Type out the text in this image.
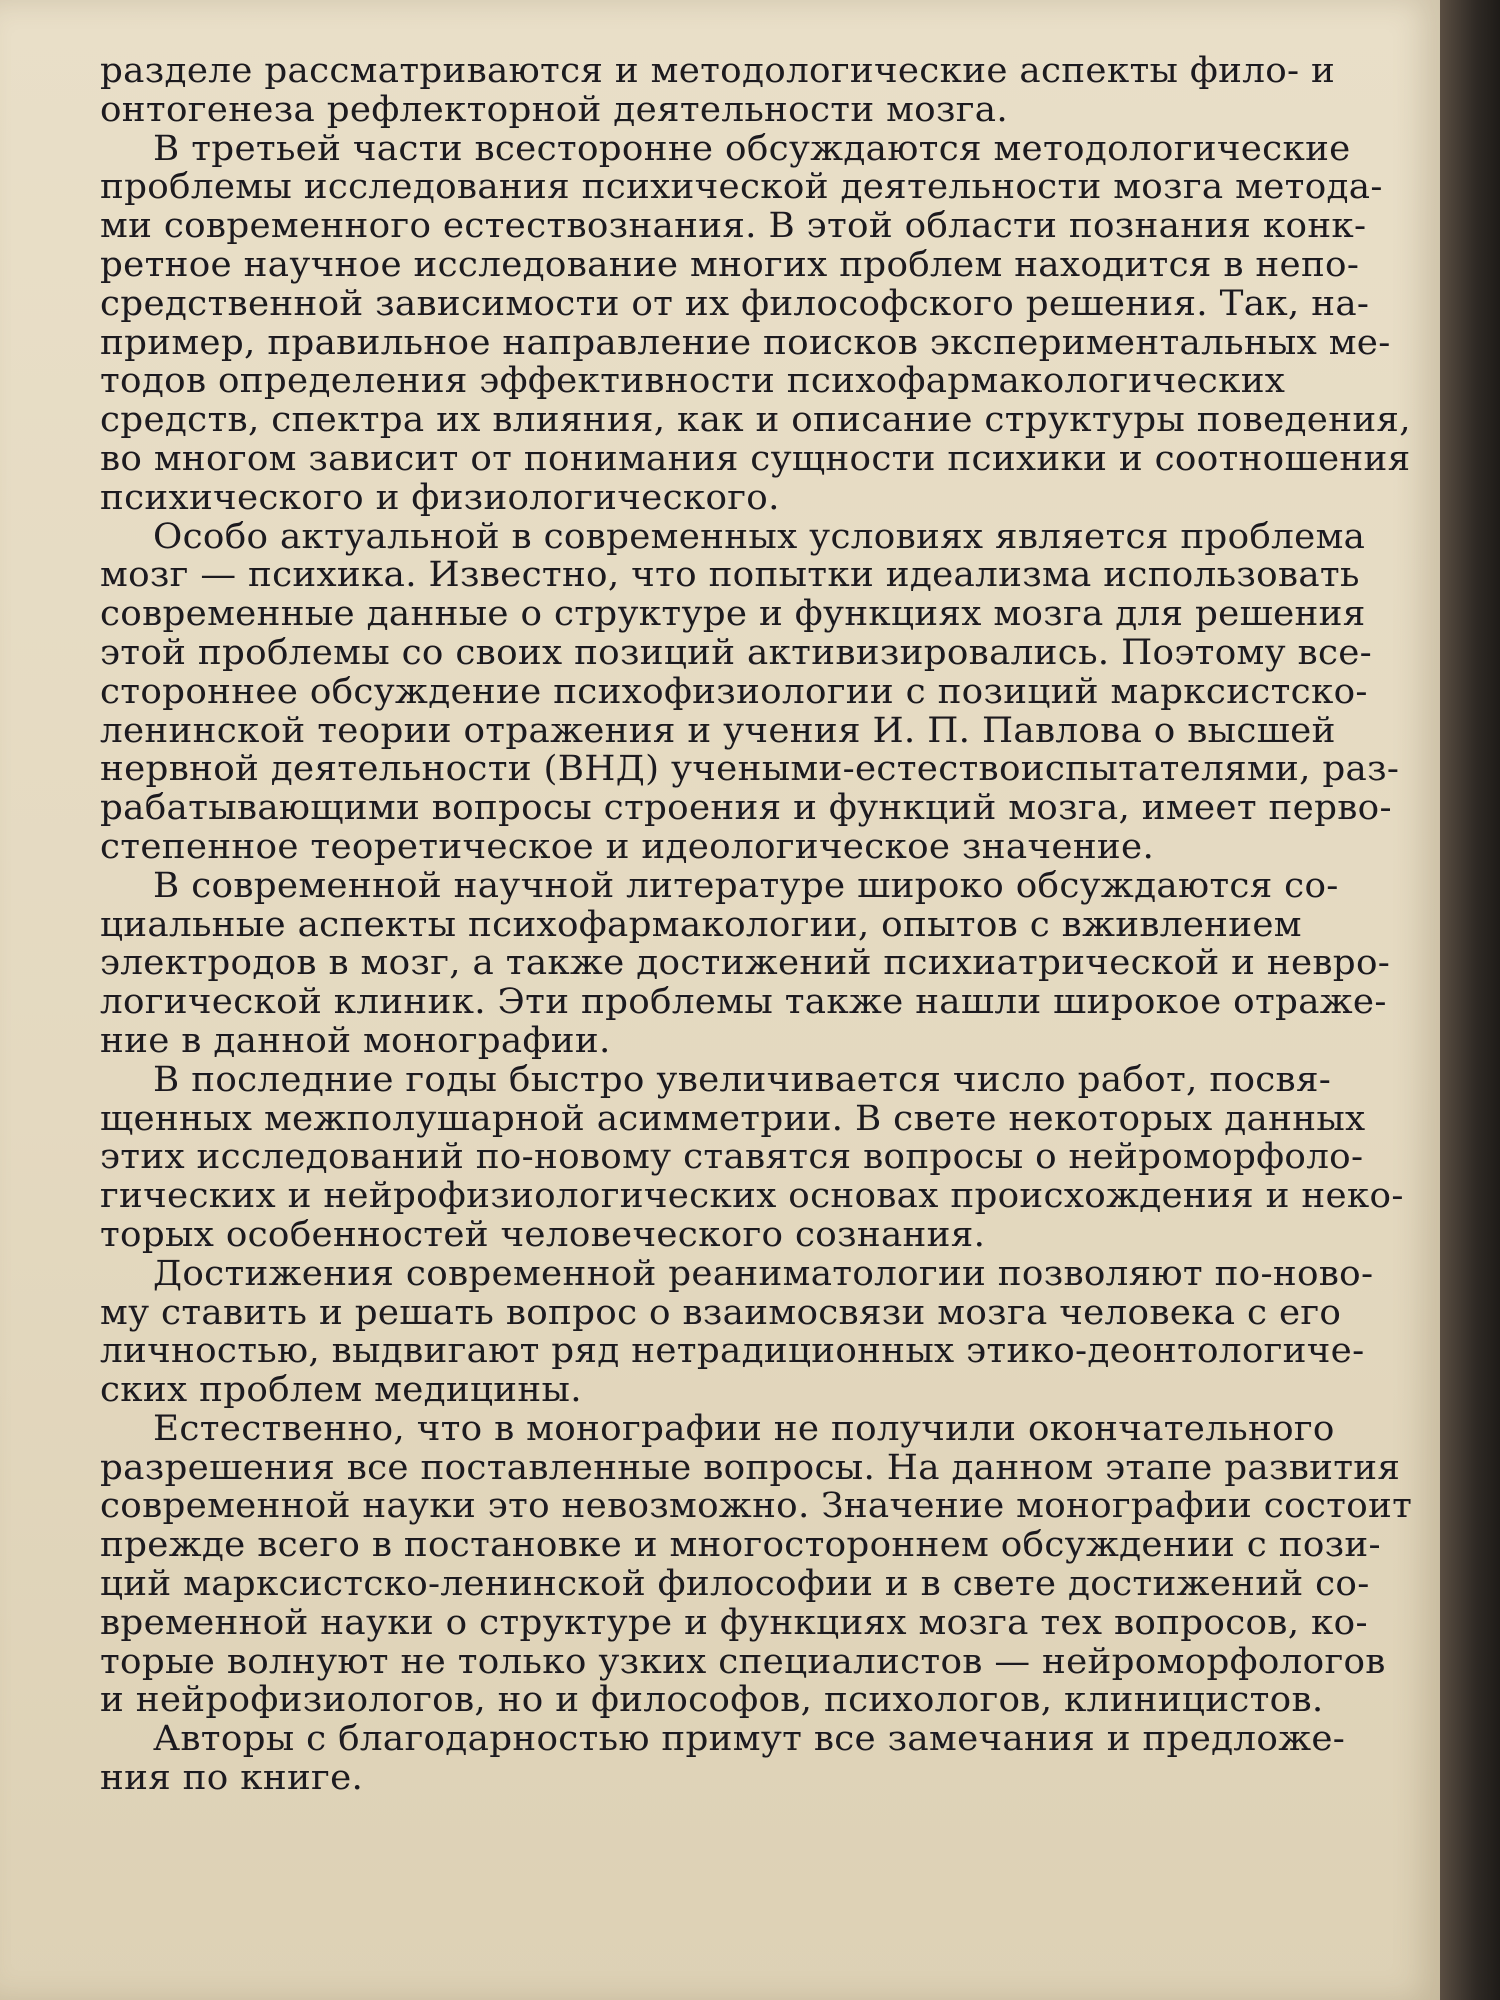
разделе рассматриваются и методологические аспекты фило- и
онтогенеза рефлекторной деятельности мозга.

В третьей части всесторонне обсуждаются методологические
проблемы исследования психической деятельности мозга метода-
ми современного естествознания. В этой области познания конк-
ретное научное исследование многих проблем находится в непо-
средственной зависимости от их философского решения. Так, на-
пример, правильное направление поисков экспериментальных ме-
тодов определения эффективности психофармакологических
средств, спектра их влияния, как и описание структуры поведения,
во многом зависит от понимания сущности психики и соотношения
психического и физиологического.

Особо актуальной в современных условиях является проблема
мозг — психика. Известно, что попытки идеализма использовать
современные данные о структуре и функциях мозга для решения
этой проблемы со своих позиций активизировались. Поэтому все-
стороннее обсуждение психофизиологии с позиций марксистско-
ленинской теории отражения и учения И. П. Павлова о высшей
нервной деятельности (ВНД) учеными-естествоиспытателями, раз-
рабатывающими вопросы строения и функций мозга, имеет перво-
степенное теоретическое и идеологическое значение.

В современной научной литературе широко обсуждаются со-
циальные аспекты психофармакологии, опытов с вживлением
электродов в мозг, а также достижений психиатрической и невро-
логической клиник. Эти проблемы также нашли широкое отраже-
ние в данной монографии.

В последние годы быстро увеличивается число работ, посвя-
щенных межполушарной асимметрии. В свете некоторых данных
этих исследований по-новому ставятся вопросы о нейроморфоло-
гических и нейрофизиологических основах происхождения и неко-
торых особенностей человеческого сознания.

Достижения современной реаниматологии позволяют по-ново-
му ставить и решать вопрос о взаимосвязи мозга человека с его
личностью, выдвигают ряд нетрадиционных этико-деонтологиче-
ских проблем медицины.

Естественно, что в монографии не получили окончательного
разрешения все поставленные вопросы. На данном этапе развития
современной науки это невозможно. Значение монографии состоит
прежде всего в постановке и многостороннем обсуждении с пози-
ций марксистско-ленинской философии и в свете достижений со-
временной науки о структуре и функциях мозга тех вопросов, ко-
торые волнуют не только узких специалистов — нейроморфологов
и нейрофизиологов, но и философов, психологов, клиницистов.

Авторы с благодарностью примут все замечания и предложе-
ния по книге.
